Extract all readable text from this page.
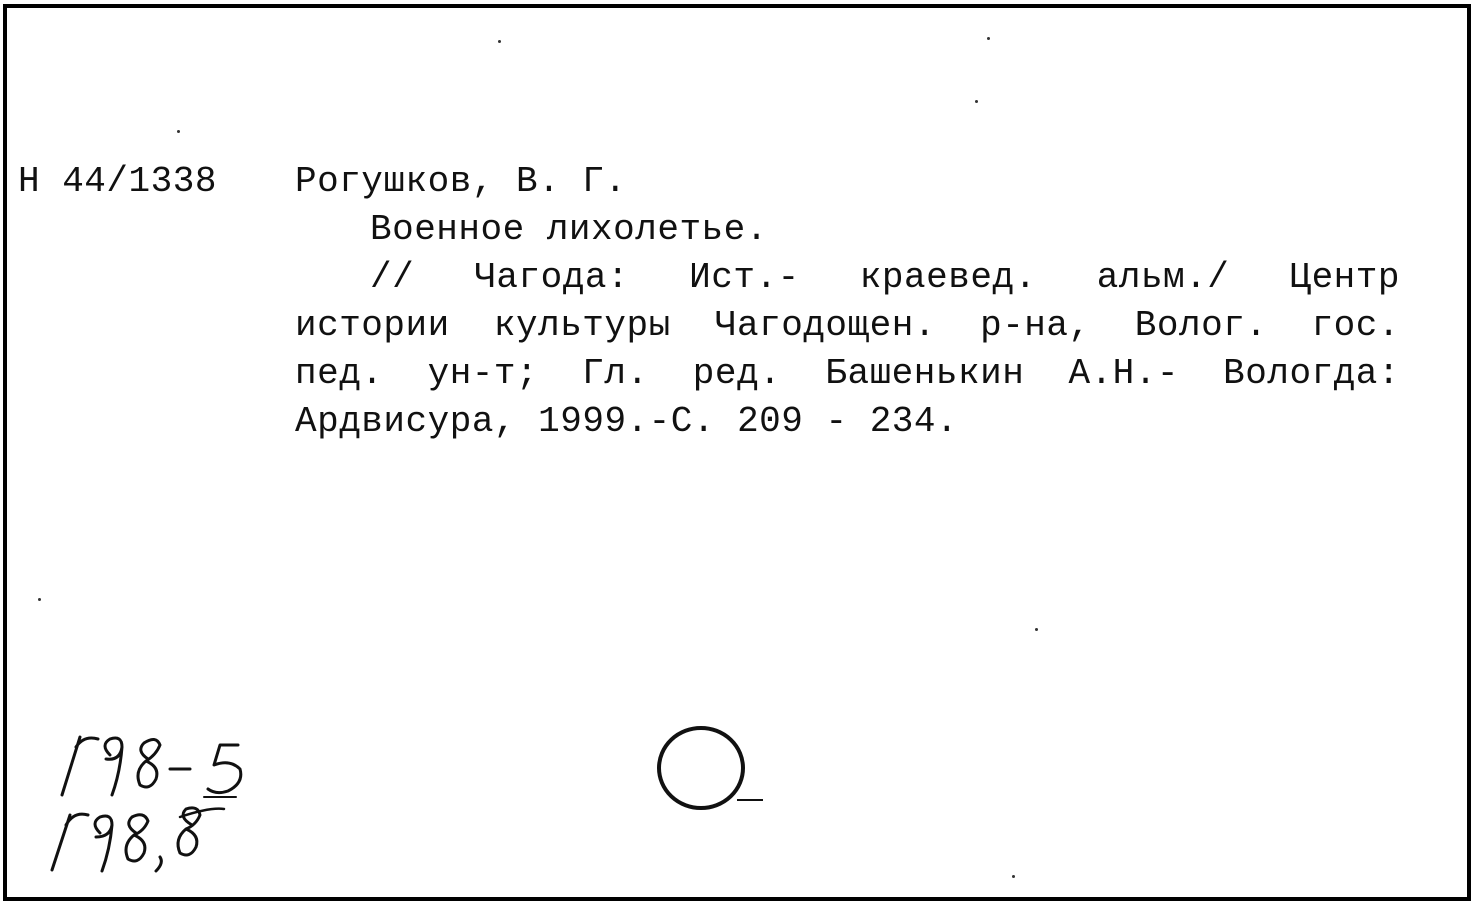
Н 44/1338 Рогушков, В. Г.
Военное лихолетье.
// Чагода: Ист.- краевед. альм./ Центр
истории культуры Чагодощен. р-на, Волог. гос.
пед. ун-т; Гл. ред. Башенькин А.Н.- Вологда:
Ардвисура, 1999.-С. 209 - 234.
